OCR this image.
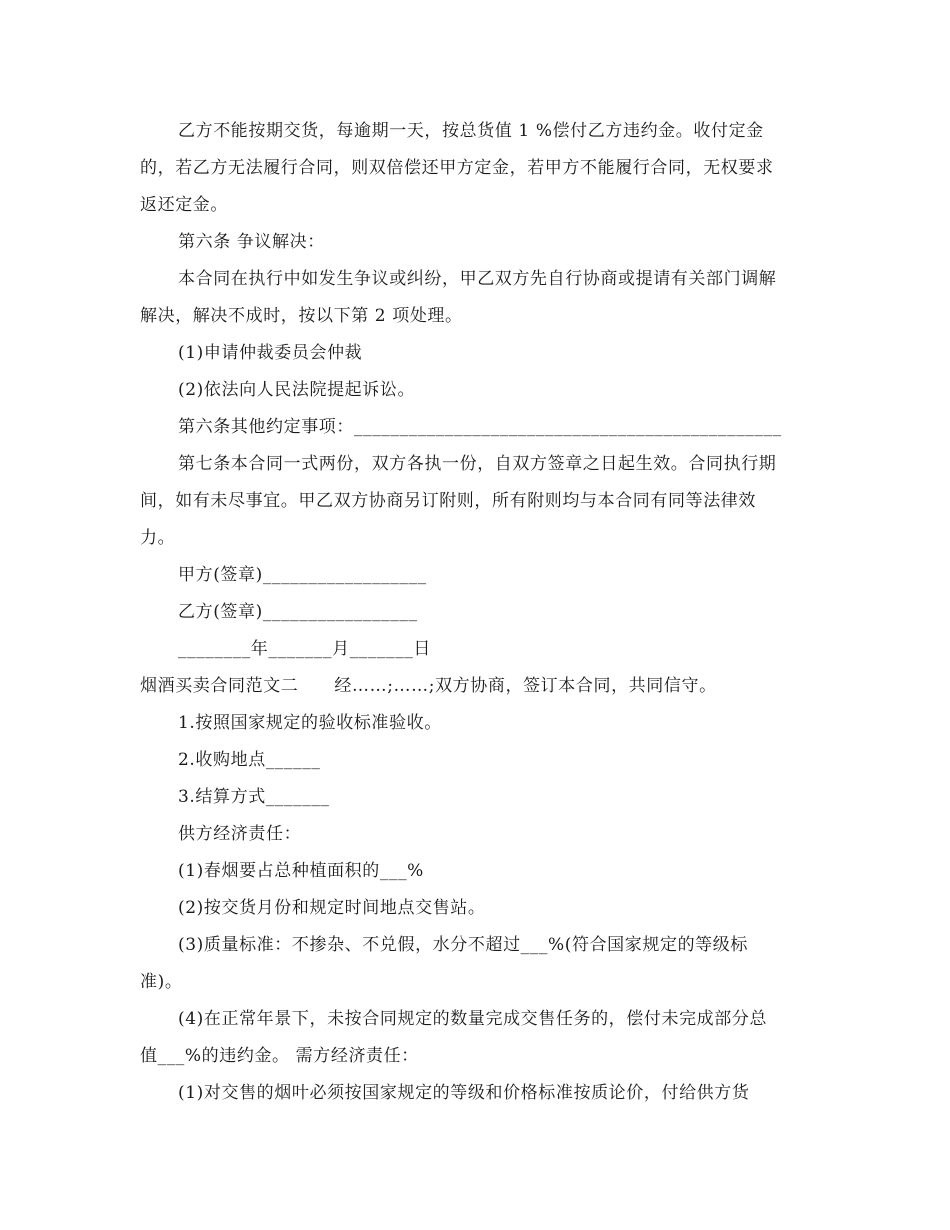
乙方不能按期交货，每逾期一天，按总货值 1 %偿付乙方违约金。收付定金
的，若乙方无法履行合同，则双倍偿还甲方定金，若甲方不能履行合同，无权要求
返还定金。
第六条 争议解决：
本合同在执行中如发生争议或纠纷，甲乙双方先自行协商或提请有关部门调解
解决，解决不成时，按以下第 2 项处理。
(1)申请仲裁委员会仲裁
(2)依法向人民法院提起诉讼。
第六条其他约定事项：_______________________________________________
第七条本合同一式两份，双方各执一份，自双方签章之日起生效。合同执行期
间，如有未尽事宜。甲乙双方协商另订附则，所有附则均与本合同有同等法律效
力。
甲方(签章)__________________
乙方(签章)_________________
________年_______月_______日
烟酒买卖合同范文二      经……;……;双方协商，签订本合同，共同信守。
1.按照国家规定的验收标准验收。
2.收购地点______
3.结算方式_______
供方经济责任：
(1)春烟要占总种植面积的___%
(2)按交货月份和规定时间地点交售站。
(3)质量标准：不掺杂、不兑假，水分不超过___%(符合国家规定的等级标
准)。
(4)在正常年景下，未按合同规定的数量完成交售任务的，偿付未完成部分总
值___%的违约金。 需方经济责任：
(1)对交售的烟叶必须按国家规定的等级和价格标准按质论价，付给供方货
